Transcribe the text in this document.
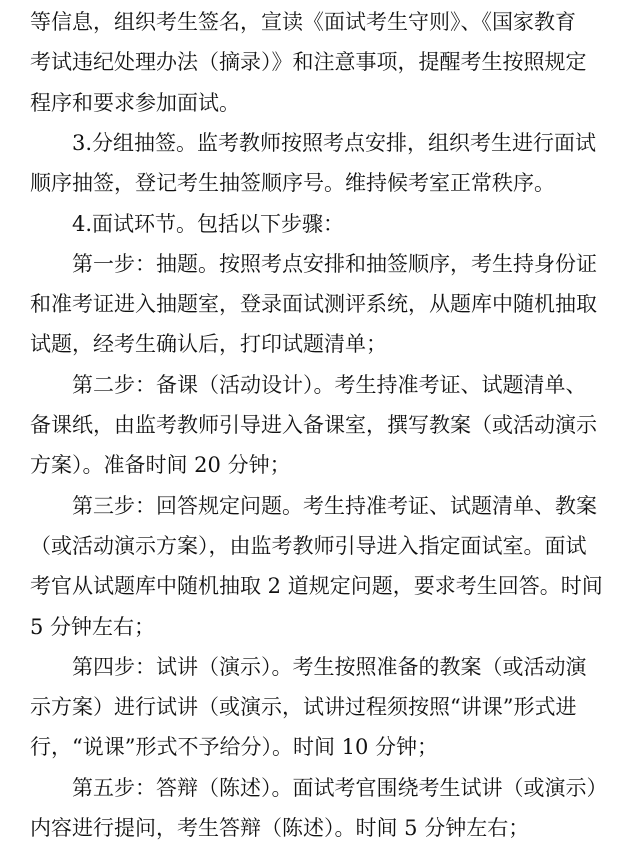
等信息，组织考生签名，宣读《面试考生守则》、《国家教育
考试违纪处理办法（摘录）》和注意事项，提醒考生按照规定
程序和要求参加面试。
3.分组抽签。监考教师按照考点安排，组织考生进行面试
顺序抽签，登记考生抽签顺序号。维持候考室正常秩序。
4.面试环节。包括以下步骤：
第一步：抽题。按照考点安排和抽签顺序，考生持身份证
和准考证进入抽题室，登录面试测评系统，从题库中随机抽取
试题，经考生确认后，打印试题清单；
第二步：备课（活动设计）。考生持准考证、试题清单、
备课纸，由监考教师引导进入备课室，撰写教案（或活动演示
方案）。准备时间 20 分钟；
第三步：回答规定问题。考生持准考证、试题清单、教案
（或活动演示方案），由监考教师引导进入指定面试室。面试
考官从试题库中随机抽取 2 道规定问题，要求考生回答。时间
5 分钟左右；
第四步：试讲（演示）。考生按照准备的教案（或活动演
示方案）进行试讲（或演示，试讲过程须按照“讲课”形式进
行，“说课”形式不予给分）。时间 10 分钟；
第五步：答辩（陈述）。面试考官围绕考生试讲（或演示）
内容进行提问，考生答辩（陈述）。时间 5 分钟左右；
